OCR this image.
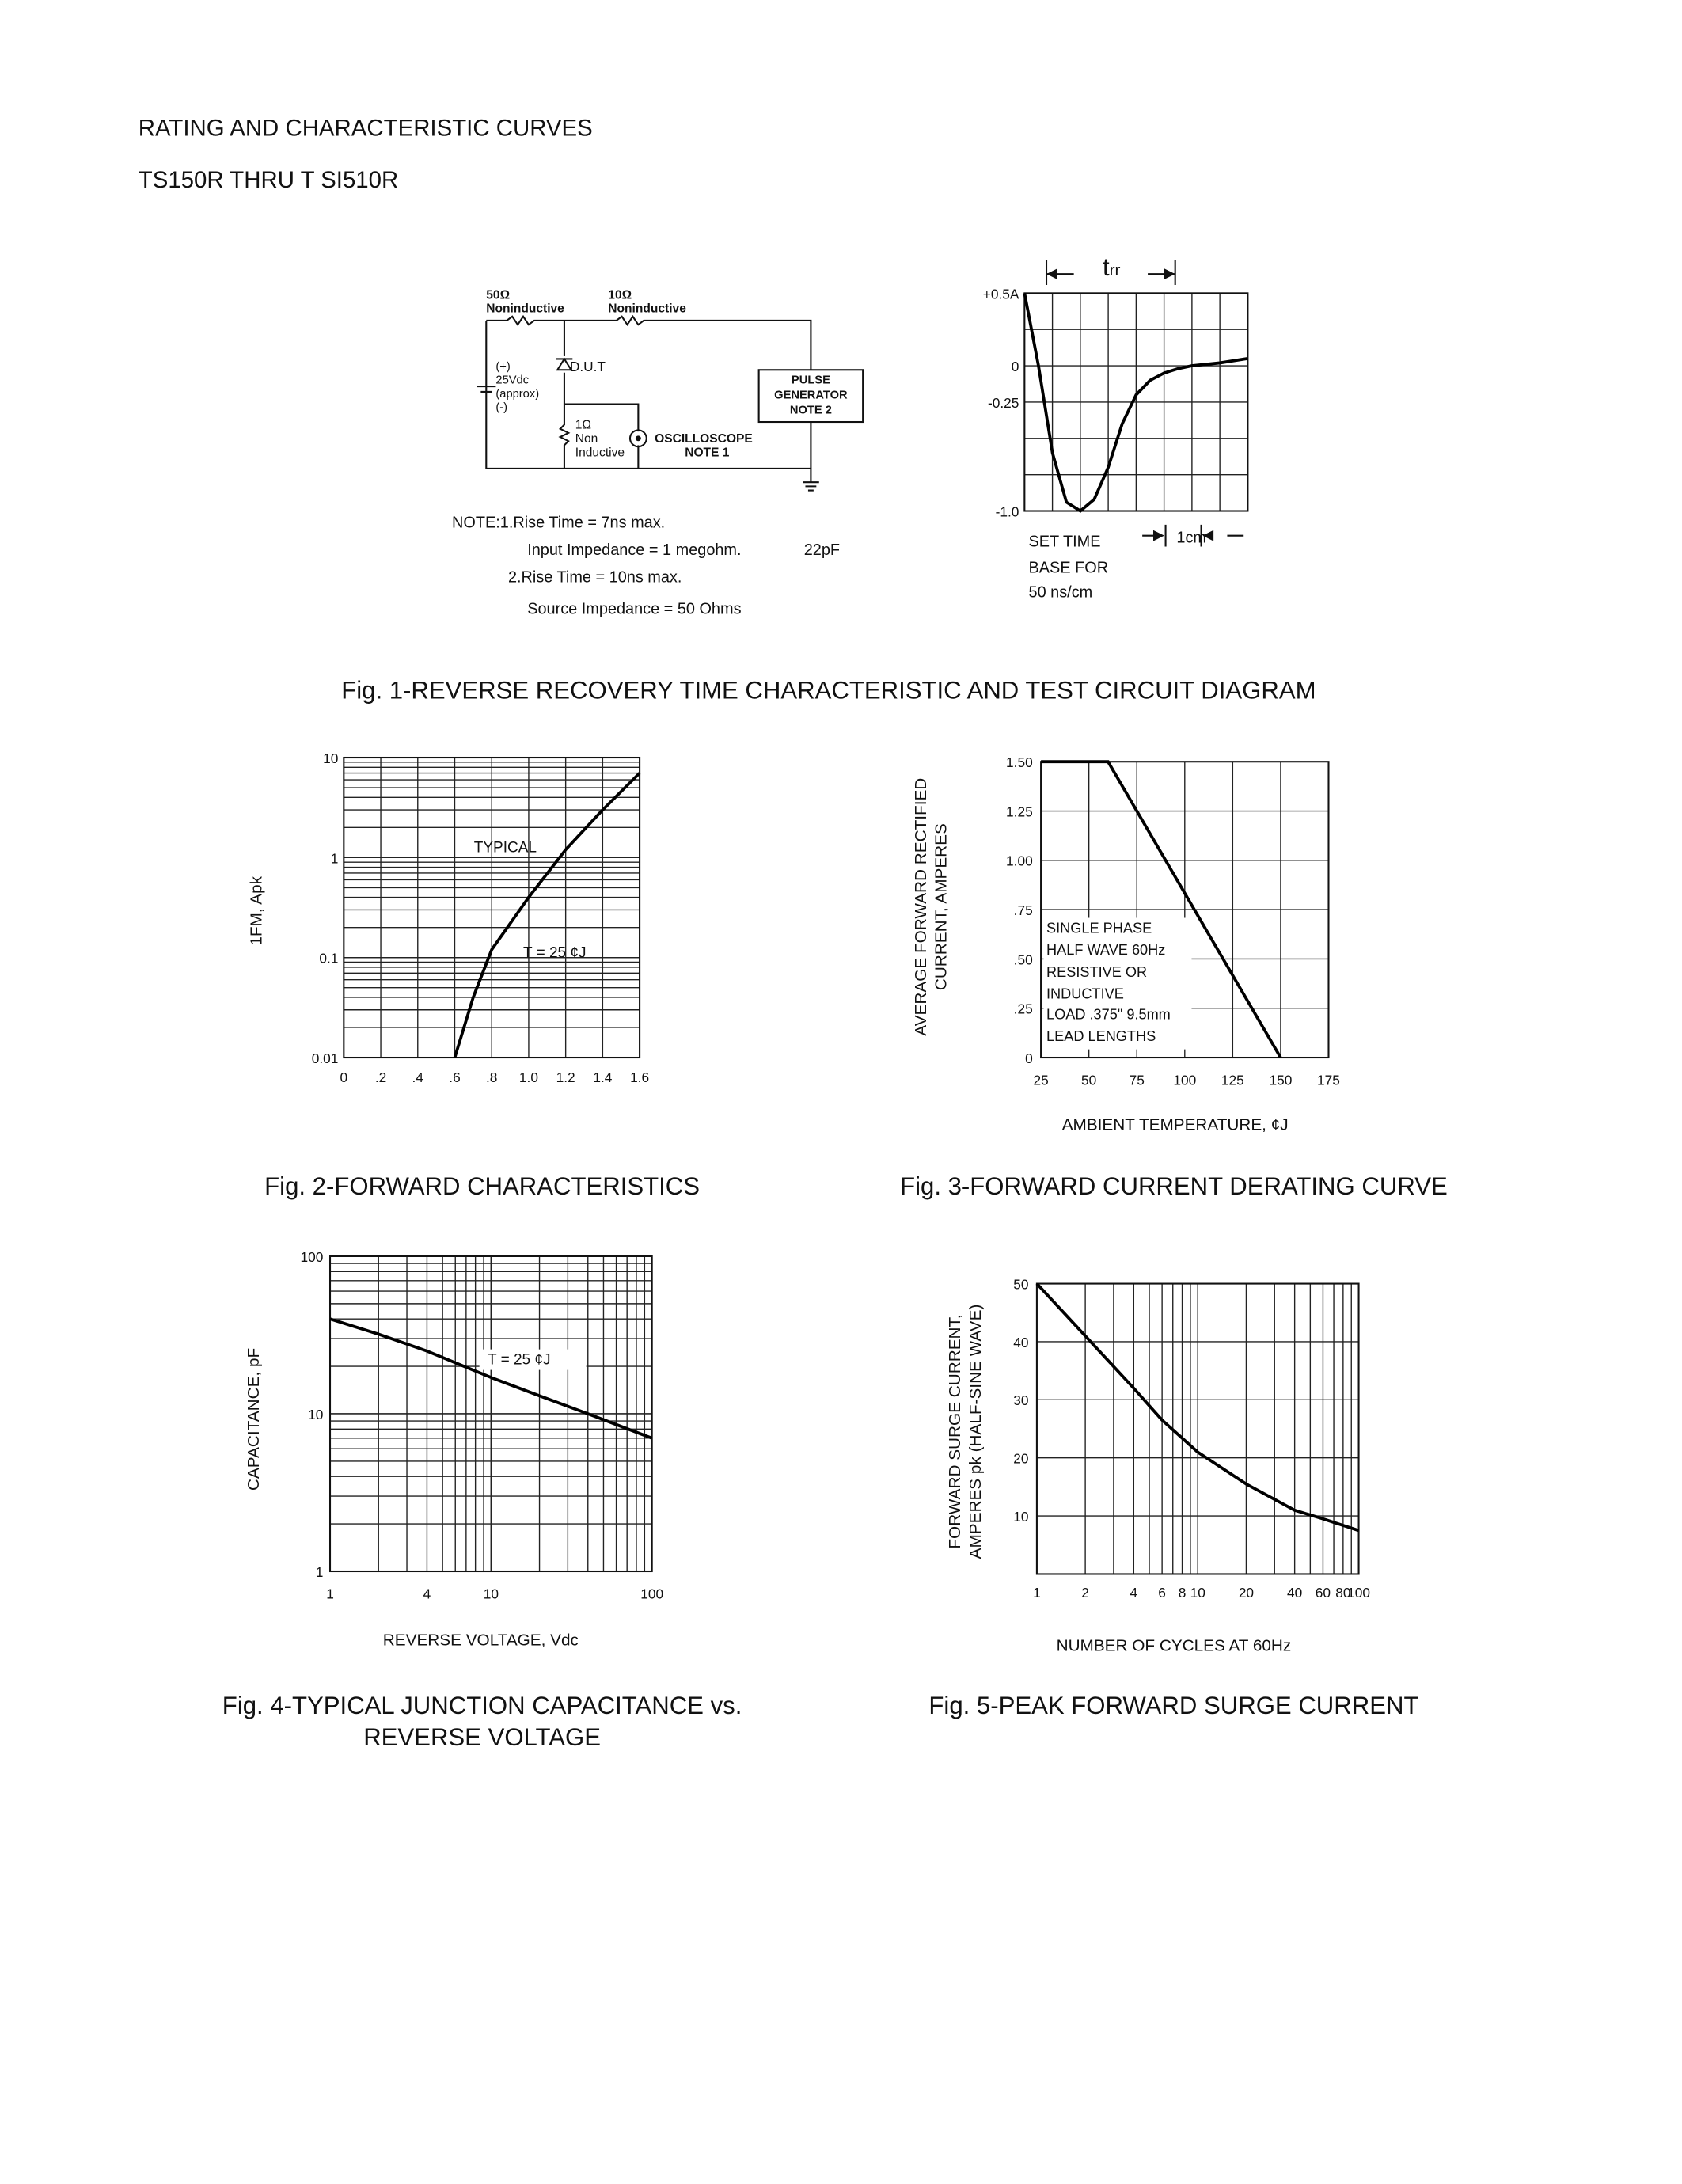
RATING AND CHARACTERISTIC CURVES
TS150R THRU T SI510R
50Ω
Noninductive
10Ω
Noninductive
D.U.T
(+)
25Vdc
(approx)
(-)
PULSE
GENERATOR
NOTE 2
1Ω
Non
Inductive
OSCILLOSCOPE
NOTE 1
NOTE:1.Rise Time = 7ns max.
Input Impedance = 1 megohm.	22pF
2.Rise Time = 10ns max.
Source Impedance = 50 Ohms
trr
SET TIME
BASE FOR
50 ns/cm
1cm
+0.5A
0
-0.25
-1.0
Fig. 1-REVERSE RECOVERY TIME CHARACTERISTIC AND TEST CIRCUIT DIAGRAM
10
1
0.1
0.01
0	.2	.4	.6	.8	1.0 1.2 1.4 1.6
Fig. 2-FORWARD CHARACTERISTICS
1FM, Apk
TYPICAL
T = 25 ¢J
1.50
1.25
1.00
.75
.50
.25
0
25	50	75	100	125	150	175
Fig. 3-FORWARD CURRENT DERATING CURVE
AVERAGE FORWARD RECTIFIED CURRENT, AMPERES
AMBIENT TEMPERATURE, ¢J
SINGLE PHASE
HALF WAVE 60Hz
RESISTIVE OR
INDUCTIVE
LOAD .375" 9.5mm
LEAD LENGTHS
100
10
1
1	4	10	100
Fig. 4-TYPICAL JUNCTION CAPACITANCE vs.
REVERSE VOLTAGE
CAPACITANCE, pF
REVERSE VOLTAGE, Vdc
T = 25 ¢J
50
40
30
20
10
1	2	4	6 8 10	20	40 60 80
100
Fig. 5-PEAK FORWARD SURGE CURRENT
FORWARD SURGE CURRENT, AMPERES pk (HALF-SINE WAVE)
NUMBER OF CYCLES AT 60Hz
